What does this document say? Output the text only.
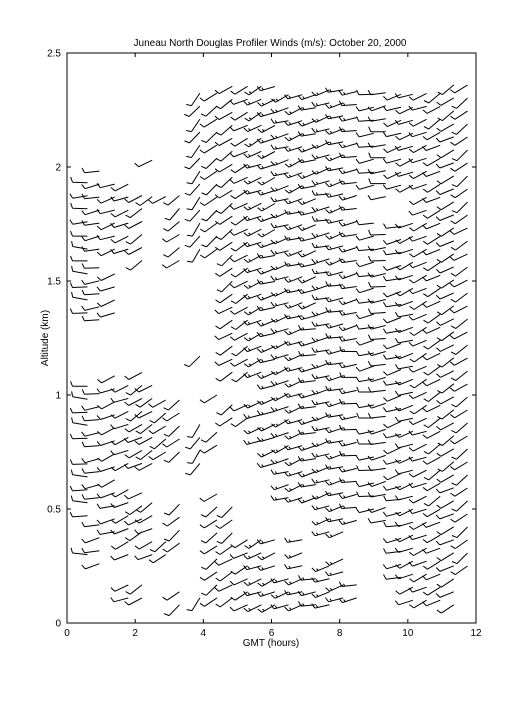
Juneau North Douglas Profiler Winds (m/s): October 20, 2000
0	2	4	6	8	10	12
0
0.5
1
1.5
2
2.5
GMT (hours)
Altitude (km)
